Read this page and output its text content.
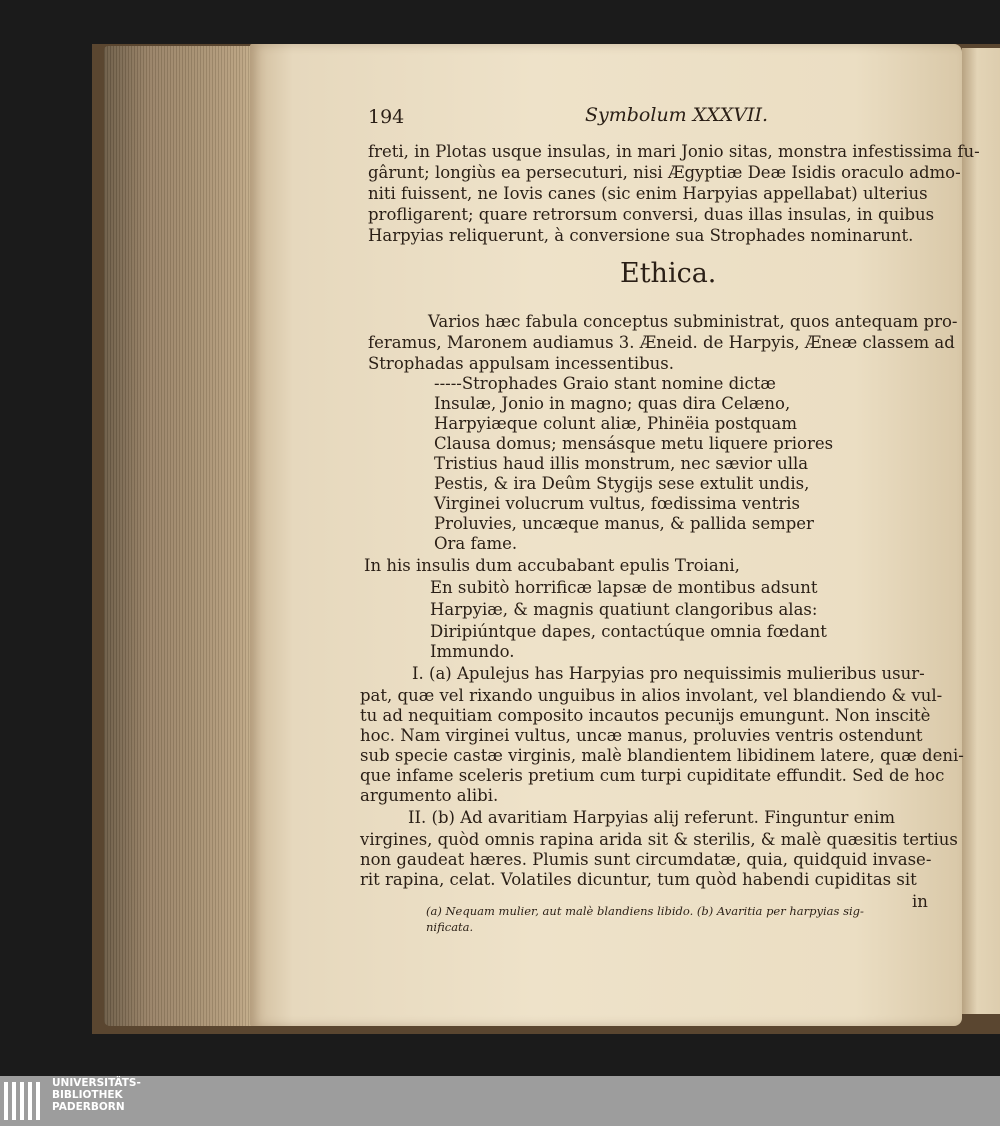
194	Symbolum XXXVII.
freti, in Plotas usque insulas, in mari Jonio sitas, monstra infestissima fu-
gârunt; longiùs ea persecuturi, nisi Ægyptiæ Deæ Isidis oraculo admo-
niti fuissent, ne Iovis canes (sic enim Harpyias appellabat) ulterius
profligarent; quare retrorsum conversi, duas illas insulas, in quibus
Harpyias reliquerunt, à conversione sua Strophades nominarunt.
Ethica.
Varios hæc fabula conceptus subministrat, quos antequam pro-
feramus, Maronem audiamus 3. Æneid. de Harpyis, Æneæ classem ad
Strophadas appulsam incessentibus.
-----Strophades Graio stant nomine dictæ
Insulæ, Jonio in magno; quas dira Celæno,
Harpyiæque colunt aliæ, Phinëia postquam
Clausa domus; mensásque metu liquere priores
Tristius haud illis monstrum, nec sævior ulla
Pestis, & ira Deûm Stygijs sese extulit undis,
Virginei volucrum vultus, fœdissima ventris
Proluvies, uncæque manus, & pallida semper
Ora fame.
In his insulis dum accubabant epulis Troiani,
En subitò horrificæ lapsæ de montibus adsunt
Harpyiæ, & magnis quatiunt clangoribus alas:
Diripiúntque dapes, contactúque omnia fœdant
Immundo.
I. (a) Apulejus has Harpyias pro nequissimis mulieribus usur-
pat, quæ vel rixando unguibus in alios involant, vel blandiendo & vul-
tu ad nequitiam composito incautos pecunijs emungunt. Non inscitè
hoc. Nam virginei vultus, uncæ manus, proluvies ventris ostendunt
sub specie castæ virginis, malè blandientem libidinem latere, quæ deni-
que infame sceleris pretium cum turpi cupiditate effundit. Sed de hoc
argumento alibi.
II. (b) Ad avaritiam Harpyias alij referunt. Finguntur enim
virgines, quòd omnis rapina arida sit & sterilis, & malè quæsitis tertius
non gaudeat hæres. Plumis sunt circumdatæ, quia, quidquid invase-
rit rapina, celat. Volatiles dicuntur, tum quòd habendi cupiditas sit
in
(a) Nequam mulier, aut malè blandiens libido. (b) Avaritia per harpyias sig-
nificata.
UNIVERSITÄTS-
BIBLIOTHEK
PADERBORN
